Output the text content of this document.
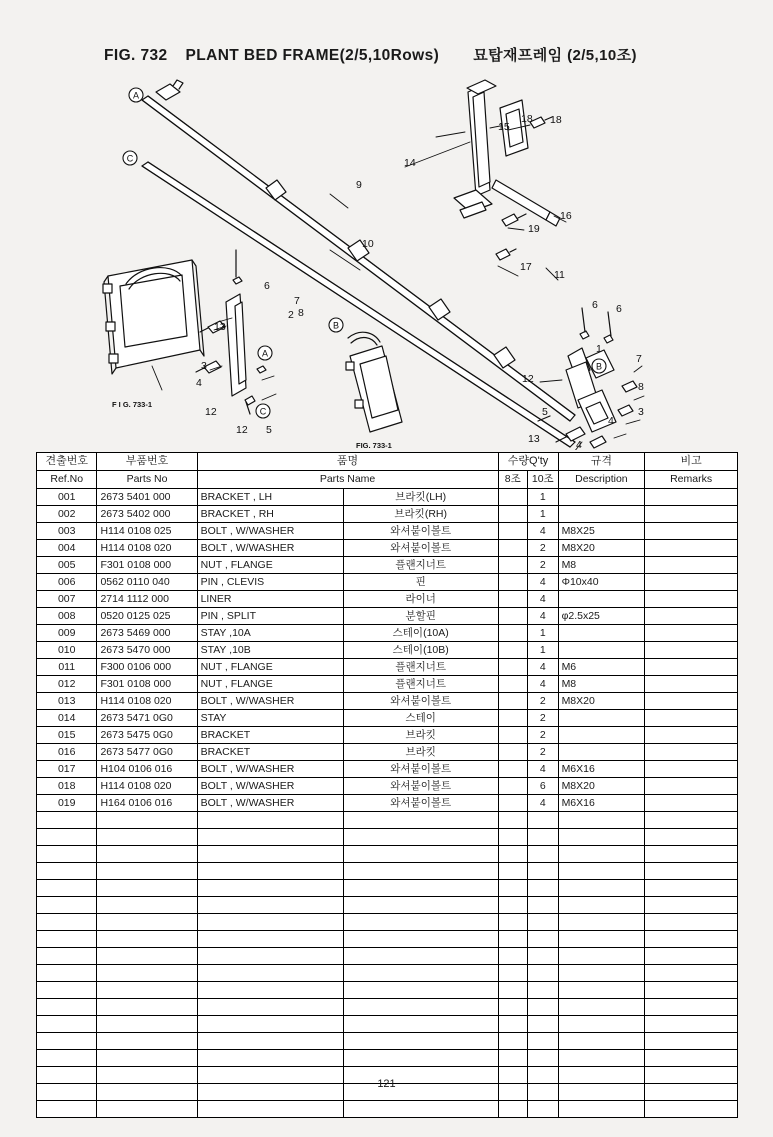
FIG. 732 PLANT BED FRAME(2/5,10Rows) 묘탑재프레임 (2/5,10조)
A
C
A
C
B
B
9
10
15
18 18
14
16
19
17
11
6
13
2
7
8
3
4
12
12 5
6 6
1
7
8
3
4
12
5
13	4
F I G. 733-1
FIG. 733-1
견출번호	부품번호	품명		수량Q'ty		규격	비고
Ref.No	Parts No	Parts Name		8조	10조	Description	Remarks
001	2673 5401 000	BRACKET , LH	브라킷(LH)		1		
002	2673 5402 000	BRACKET , RH	브라킷(RH)		1		
003	H114 0108 025	BOLT , W/WASHER	와셔붙이볼트		4	M8X25	
004	H114 0108 020	BOLT , W/WASHER	와셔붙이볼트		2	M8X20	
005	F301 0108 000	NUT , FLANGE	플랜지너트		2	M8	
006	0562 0110 040	PIN , CLEVIS	핀		4	Φ10x40	
007	2714 1112 000	LINER	라이너		4		
008	0520 0125 025	PIN , SPLIT	분할핀		4	φ2.5x25	
009	2673 5469 000	STAY ,10A	스테이(10A)		1		
010	2673 5470 000	STAY ,10B	스테이(10B)		1		
011	F300 0106 000	NUT , FLANGE	플랜지너트		4	M6	
012	F301 0108 000	NUT , FLANGE	플랜지너트		4	M8	
013	H114 0108 020	BOLT , W/WASHER	와셔붙이볼트		2	M8X20	
014	2673 5471 0G0	STAY	스테이		2		
015	2673 5475 0G0	BRACKET	브라킷		2		
016	2673 5477 0G0	BRACKET	브라킷		2		
017	H104 0106 016	BOLT , W/WASHER	와셔붙이볼트		4	M6X16	
018	H114 0108 020	BOLT , W/WASHER	와셔붙이볼트		6	M8X20	
019	H164 0106 016	BOLT , W/WASHER	와셔붙이볼트		4	M6X16	

121
